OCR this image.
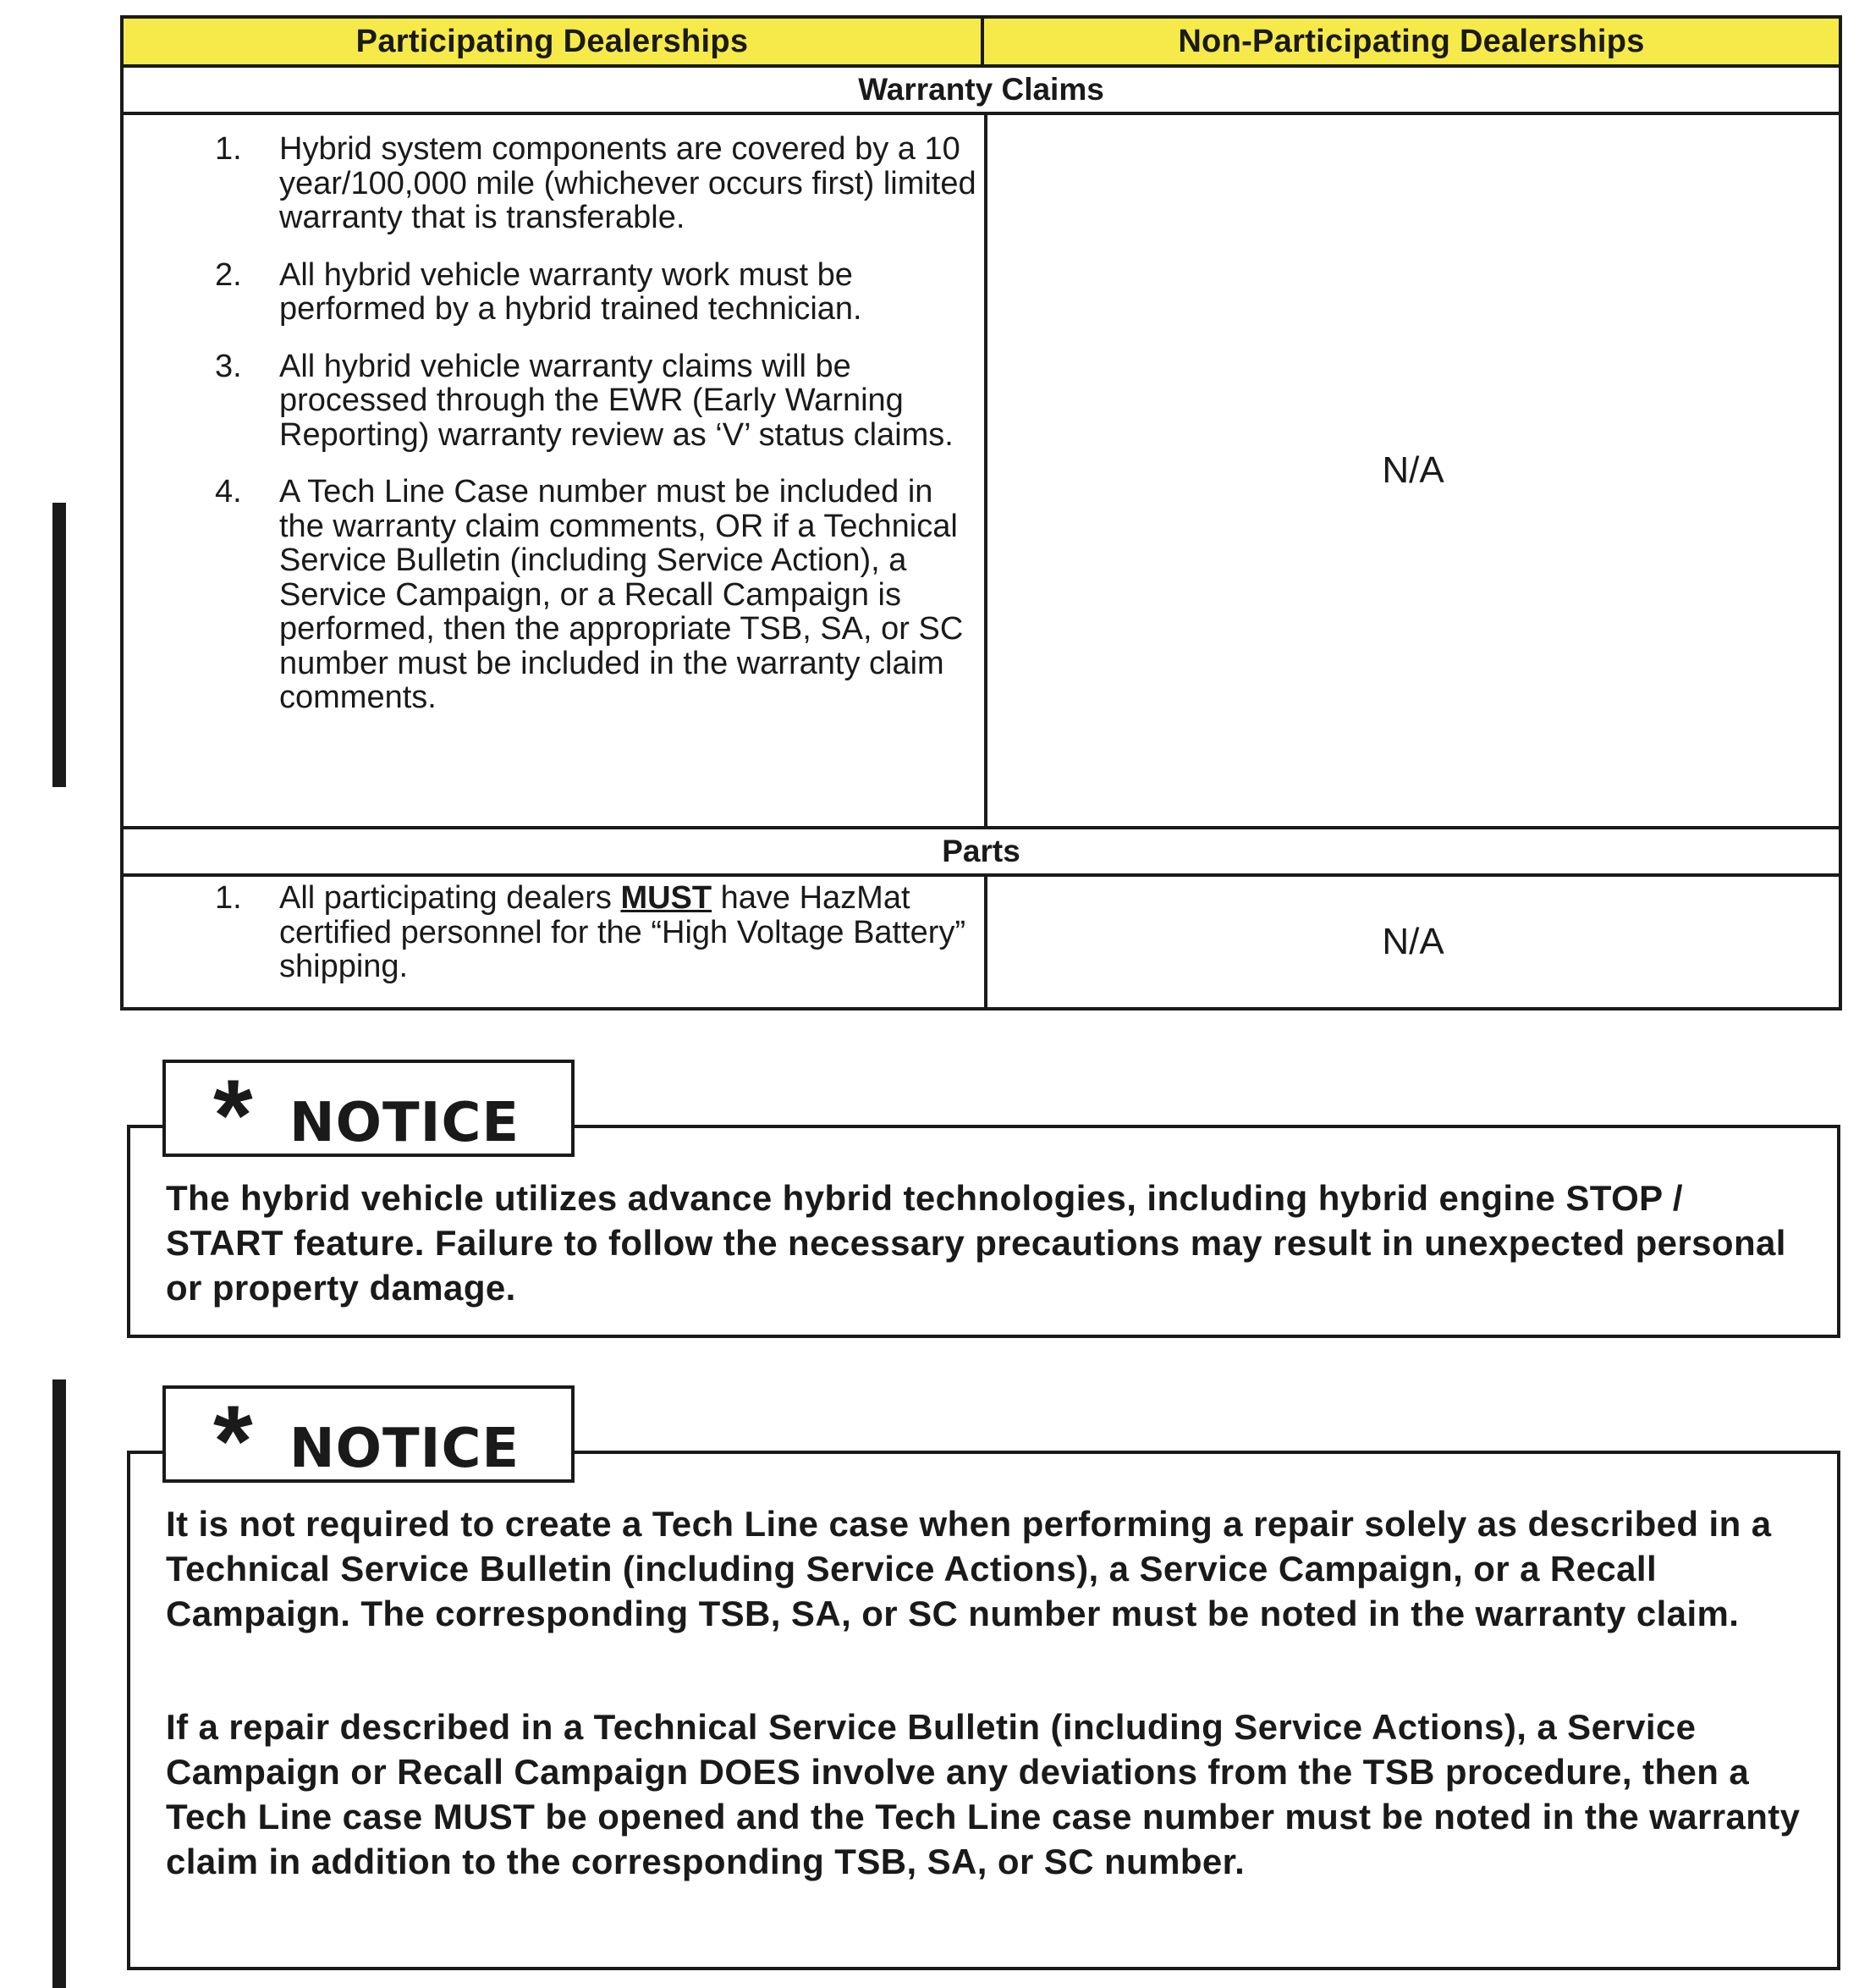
Participating Dealerships	Non-Participating Dealerships
Warranty Claims
1. Hybrid system components are covered by a 10 year/100,000 mile (whichever occurs first) limited warranty that is transferable.
2. All hybrid vehicle warranty work must be performed by a hybrid trained technician.
3. All hybrid vehicle warranty claims will be processed through the EWR (Early Warning Reporting) warranty review as ‘V’ status claims.
4. A Tech Line Case number must be included in the warranty claim comments, OR if a Technical Service Bulletin (including Service Action), a Service Campaign, or a Recall Campaign is performed, then the appropriate TSB, SA, or SC number must be included in the warranty claim comments.
N/A
Parts
1. All participating dealers MUST have HazMat certified personnel for the “High Voltage Battery” shipping.
N/A

The hybrid vehicle utilizes advance hybrid technologies, including hybrid engine STOP / START feature. Failure to follow the necessary precautions may result in unexpected personal or property damage.

* NOTICE

It is not required to create a Tech Line case when performing a repair solely as described in a Technical Service Bulletin (including Service Actions), a Service Campaign, or a Recall Campaign. The corresponding TSB, SA, or SC number must be noted in the warranty claim.

If a repair described in a Technical Service Bulletin (including Service Actions), a Service Campaign or Recall Campaign DOES involve any deviations from the TSB procedure, then a Tech Line case MUST be opened and the Tech Line case number must be noted in the warranty claim in addition to the corresponding TSB, SA, or SC number.

* NOTICE
